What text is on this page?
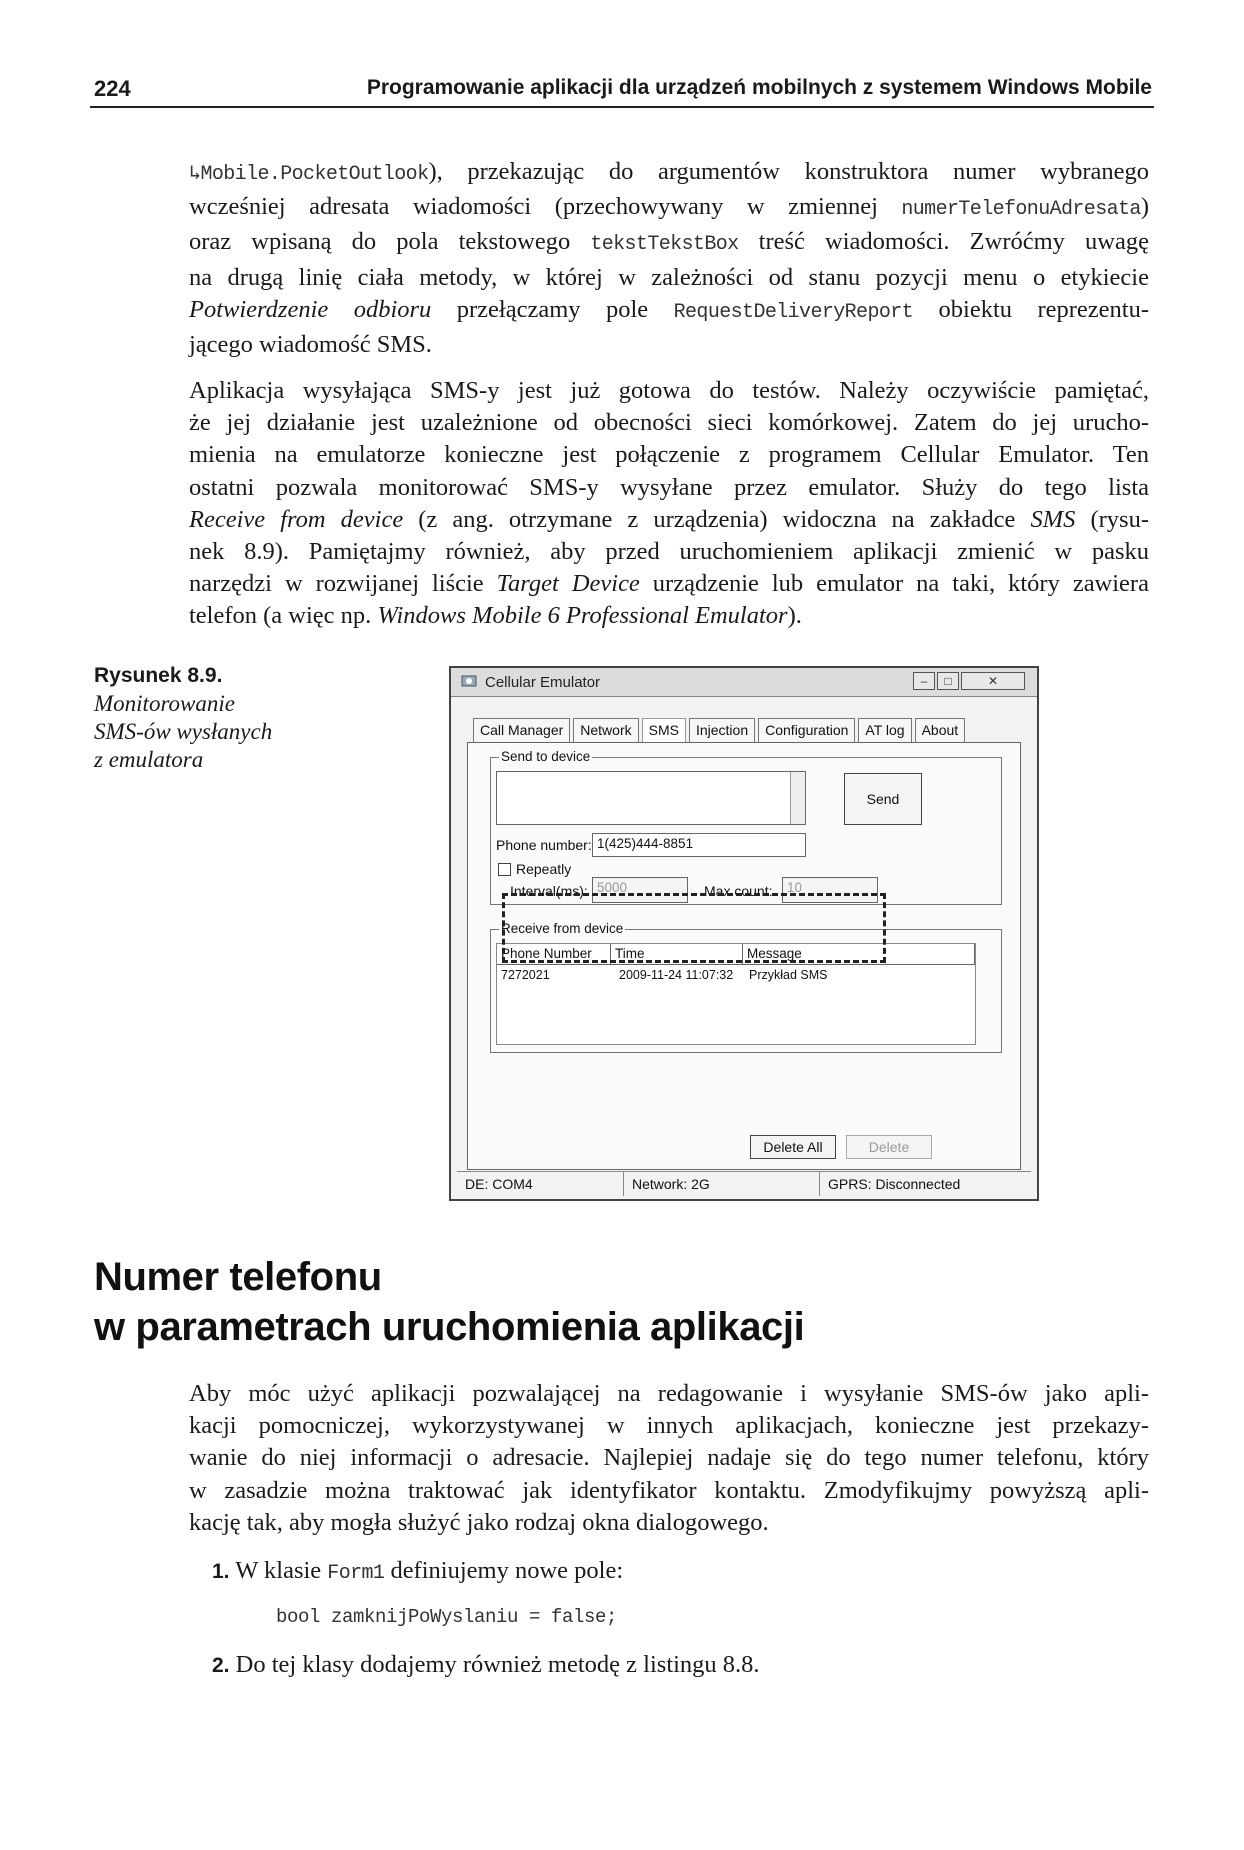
224	Programowanie aplikacji dla urządzeń mobilnych z systemem Windows Mobile
↳Mobile.PocketOutlook), przekazując do argumentów konstruktora numer wybranego
wcześniej adresata wiadomości (przechowywany w zmiennej numerTelefonuAdresata)
oraz wpisaną do pola tekstowego tekstTekstBox treść wiadomości. Zwróćmy uwagę
na drugą linię ciała metody, w której w zależności od stanu pozycji menu o etykiecie
Potwierdzenie odbioru przełączamy pole RequestDeliveryReport obiektu reprezentu-
jącego wiadomość SMS.
Aplikacja wysyłająca SMS-y jest już gotowa do testów. Należy oczywiście pamiętać,
że jej działanie jest uzależnione od obecności sieci komórkowej. Zatem do jej urucho-
mienia na emulatorze konieczne jest połączenie z programem Cellular Emulator. Ten
ostatni pozwala monitorować SMS-y wysyłane przez emulator. Służy do tego lista
Receive from device (z ang. otrzymane z urządzenia) widoczna na zakładce SMS (rysu-
nek 8.9). Pamiętajmy również, aby przed uruchomieniem aplikacji zmienić w pasku
narzędzi w rozwijanej liście Target Device urządzenie lub emulator na taki, który zawiera
telefon (a więc np. Windows Mobile 6 Professional Emulator).
Rysunek 8.9.
Monitorowanie
SMS-ów wysłanych
z emulatora
Cellular Emulator	–	□	✕
Call Manager	Network	SMS	Injection	Configuration	AT log	About
Send to device
Send
Phone number: 1(425)444-8851
Repeatly
Interval(ms): 5000	Max count:	10
Receive from device
Phone Number	Time	Message
7272021	2009-11-24 11:07:32 Przykład SMS
Delete All	Delete
DE: COM4	Network: 2G	GPRS: Disconnected
Numer telefonu
w parametrach uruchomienia aplikacji
Aby móc użyć aplikacji pozwalającej na redagowanie i wysyłanie SMS-ów jako apli-
kacji pomocniczej, wykorzystywanej w innych aplikacjach, konieczne jest przekazy-
wanie do niej informacji o adresacie. Najlepiej nadaje się do tego numer telefonu, który
w zasadzie można traktować jak identyfikator kontaktu. Zmodyfikujmy powyższą apli-
kację tak, aby mogła służyć jako rodzaj okna dialogowego.
1. W klasie Form1 definiujemy nowe pole:
bool zamknijPoWyslaniu = false;
2. Do tej klasy dodajemy również metodę z listingu 8.8.
